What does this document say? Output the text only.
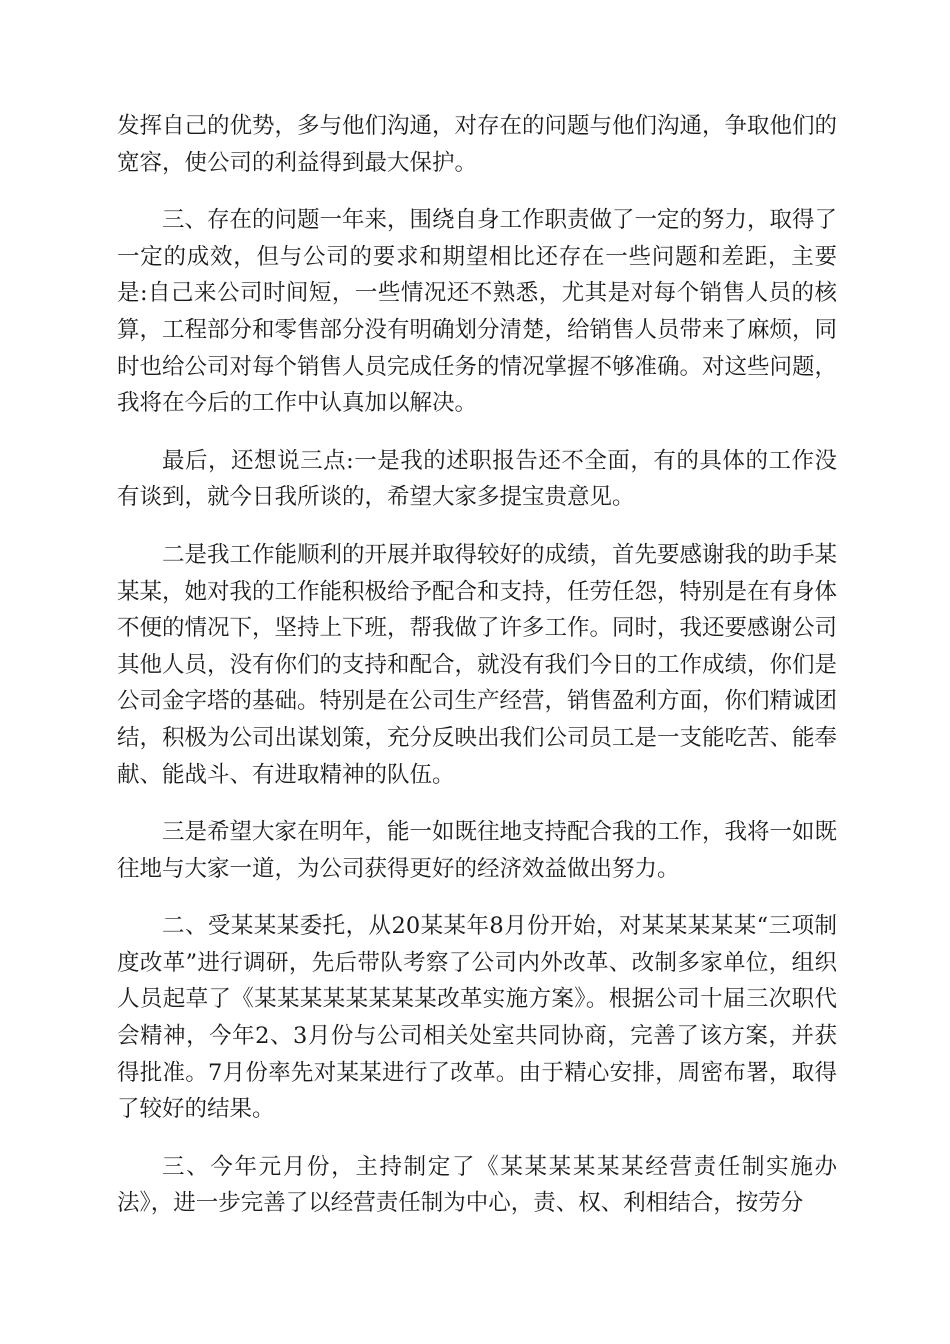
发挥自己的优势，多与他们沟通，对存在的问题与他们沟通，争取他们的宽容，使公司的利益得到最大保护。

三、存在的问题一年来，围绕自身工作职责做了一定的努力，取得了一定的成效，但与公司的要求和期望相比还存在一些问题和差距，主要是:自己来公司时间短，一些情况还不熟悉，尤其是对每个销售人员的核算，工程部分和零售部分没有明确划分清楚，给销售人员带来了麻烦，同时也给公司对每个销售人员完成任务的情况掌握不够准确。对这些问题，我将在今后的工作中认真加以解决。

最后，还想说三点:一是我的述职报告还不全面，有的具体的工作没有谈到，就今日我所谈的，希望大家多提宝贵意见。

二是我工作能顺利的开展并取得较好的成绩，首先要感谢我的助手某某某，她对我的工作能积极给予配合和支持，任劳任怨，特别是在有身体不便的情况下，坚持上下班，帮我做了许多工作。同时，我还要感谢公司其他人员，没有你们的支持和配合，就没有我们今日的工作成绩，你们是公司金字塔的基础。特别是在公司生产经营，销售盈利方面，你们精诚团结，积极为公司出谋划策，充分反映出我们公司员工是一支能吃苦、能奉献、能战斗、有进取精神的队伍。

三是希望大家在明年，能一如既往地支持配合我的工作，我将一如既往地与大家一道，为公司获得更好的经济效益做出努力。

二、受某某某委托，从20某某年8月份开始，对某某某某某“三项制度改革”进行调研，先后带队考察了公司内外改革、改制多家单位，组织人员起草了《某某某某某某某某改革实施方案》。根据公司十届三次职代会精神，今年2、3月份与公司相关处室共同协商，完善了该方案，并获得批准。7月份率先对某某进行了改革。由于精心安排，周密布署，取得了较好的结果。

三、今年元月份，主持制定了《某某某某某某经营责任制实施办法》，进一步完善了以经营责任制为中心，责、权、利相结合，按劳分
